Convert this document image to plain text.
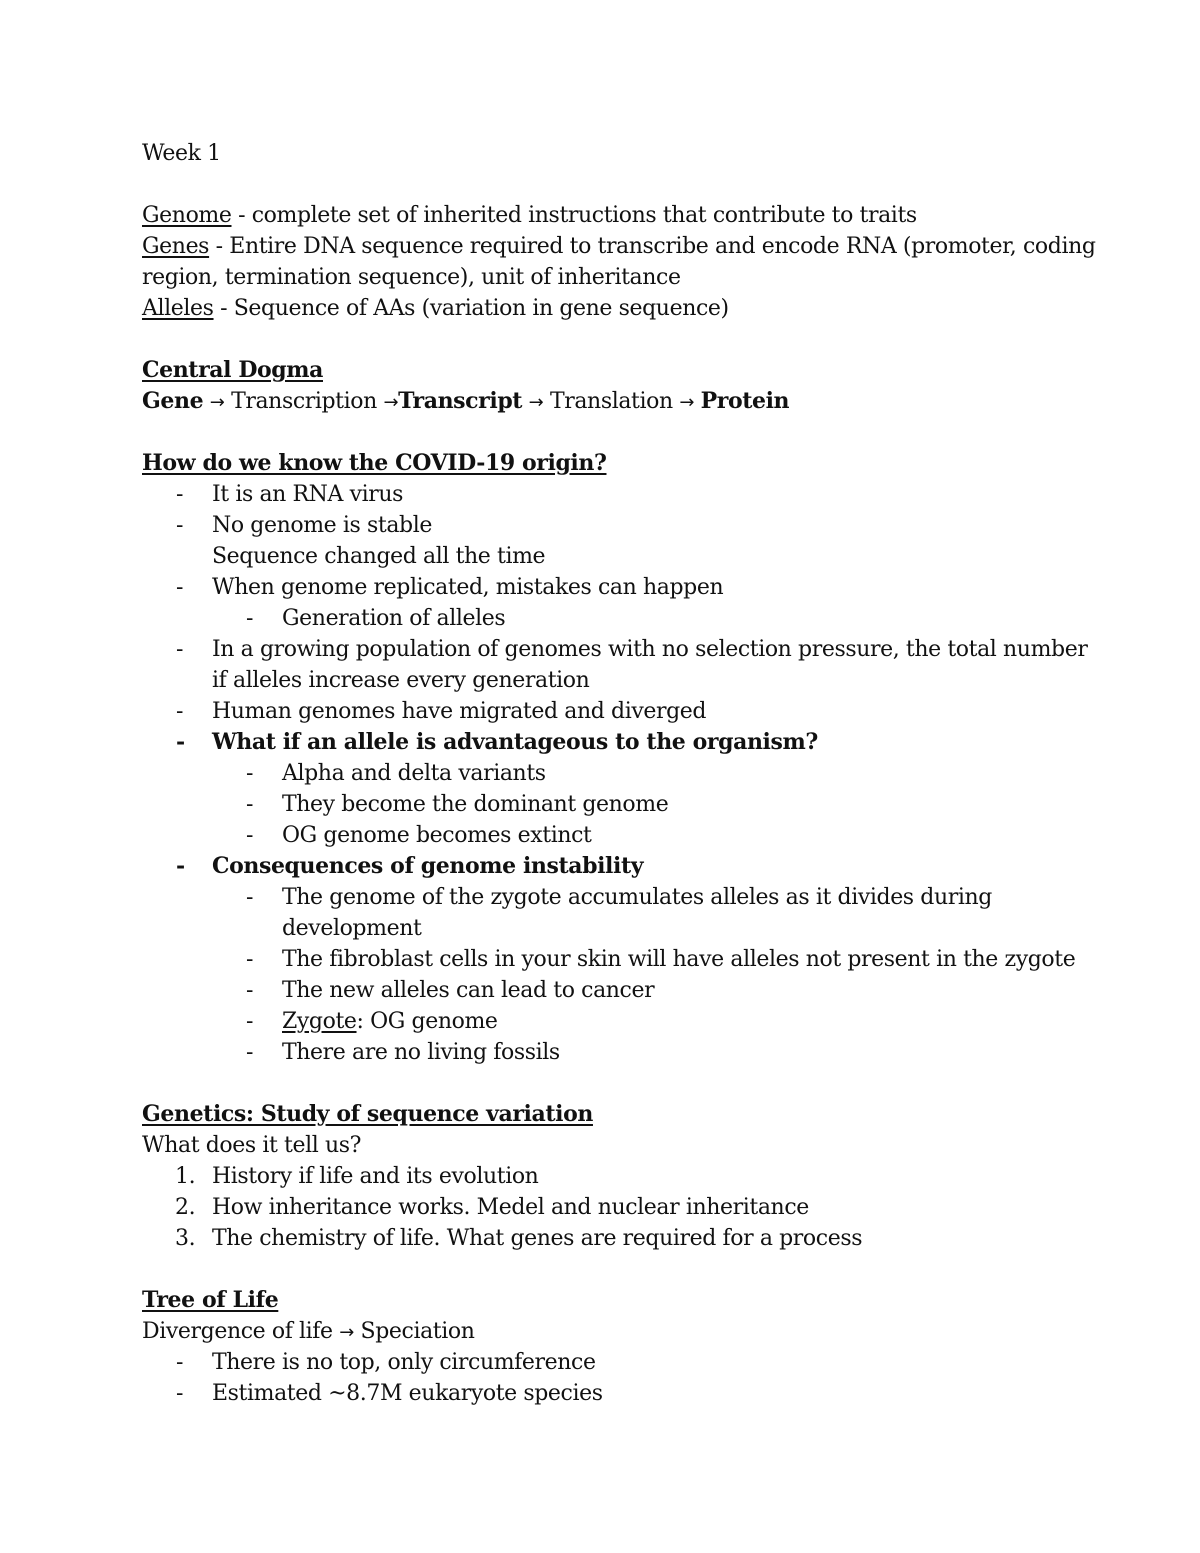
Week 1
Genome - complete set of inherited instructions that contribute to traits
Genes - Entire DNA sequence required to transcribe and encode RNA (promoter, coding
region, termination sequence), unit of inheritance
Alleles - Sequence of AAs (variation in gene sequence)
Central Dogma
Gene → Transcription →Transcript → Translation → Protein
How do we know the COVID-19 origin?
- It is an RNA virus
- No genome is stable
Sequence changed all the time
- When genome replicated, mistakes can happen
- Generation of alleles
- In a growing population of genomes with no selection pressure, the total number
if alleles increase every generation
- Human genomes have migrated and diverged
- What if an allele is advantageous to the organism?
- Alpha and delta variants
- They become the dominant genome
- OG genome becomes extinct
- Consequences of genome instability
- The genome of the zygote accumulates alleles as it divides during
development
- The fibroblast cells in your skin will have alleles not present in the zygote
- The new alleles can lead to cancer
- Zygote: OG genome
- There are no living fossils
Genetics: Study of sequence variation
What does it tell us?
1. History if life and its evolution
2. How inheritance works. Medel and nuclear inheritance
3. The chemistry of life. What genes are required for a process
Tree of Life
Divergence of life → Speciation
- There is no top, only circumference
- Estimated ~8.7M eukaryote species
